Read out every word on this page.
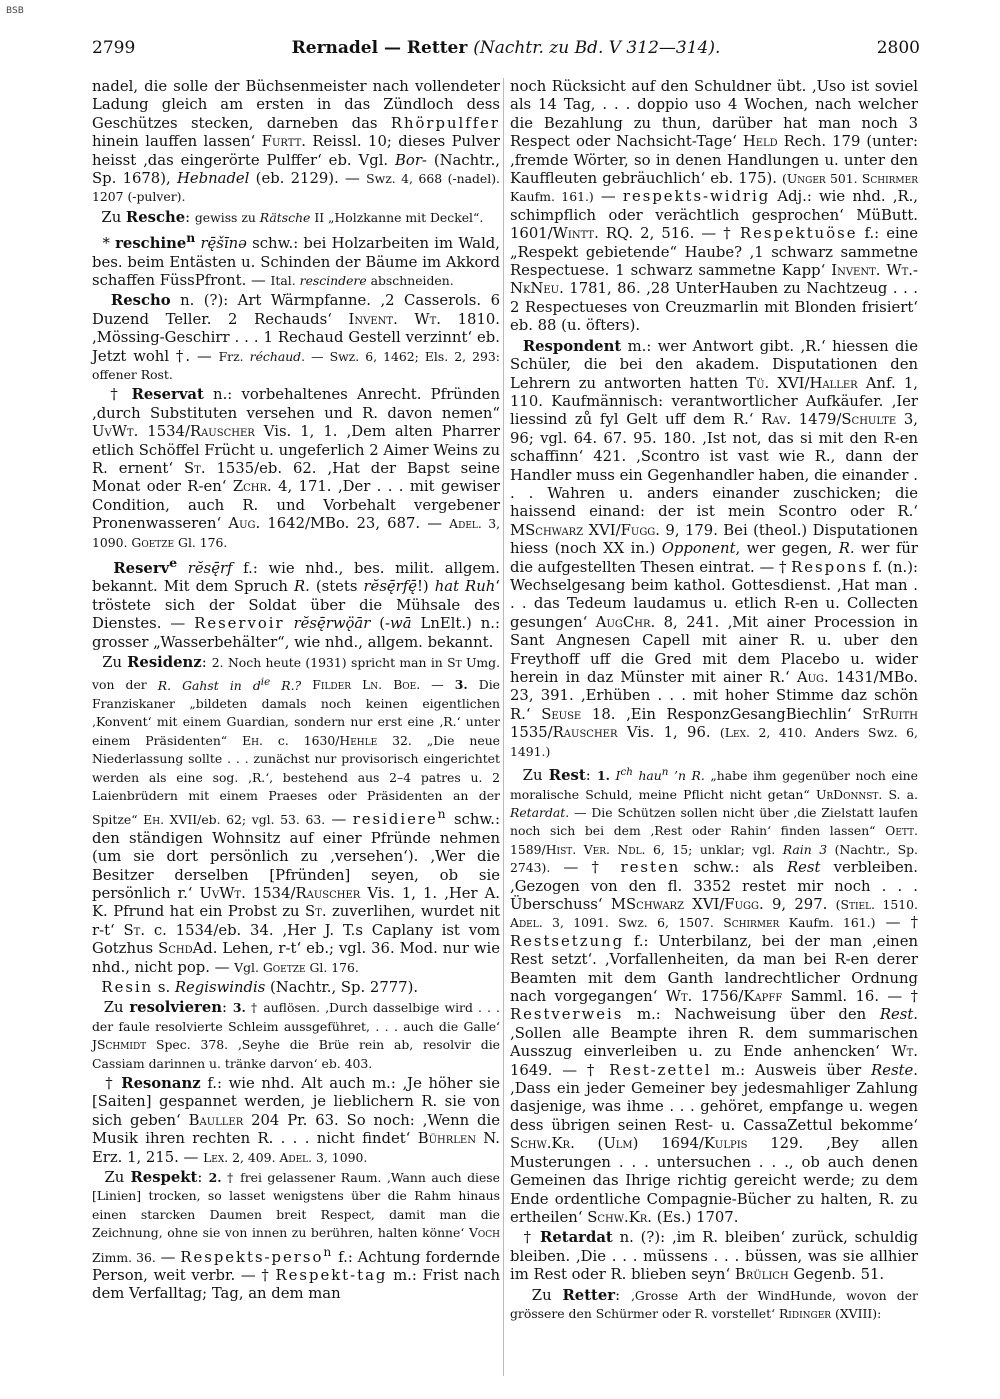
BSB
2799	Rernadel — Retter (Nachtr. zu Bd. V 312—314).	2800

nadel, die solle der Büchsenmeister nach vollendeter Ladung gleich am ersten in das Zündloch dess Geschützes stecken, darneben das Rhörpulffer hinein lauffen lassen‘ Furtt. Reissl. 10; dieses Pulver heisst ‚das eingerörte Pulffer‘ eb. Vgl. Bor- (Nachtr., Sp. 1678), Hebnadel (eb. 2129). — Swz. 4, 668 (-nadel). 1207 (-pulver).

Zu Resche: gewiss zu Rätsche II „Holzkanne mit Deckel“.

* reschine$^n$ rę̄šīnə schw.: bei Holzarbeiten im Wald, bes. beim Entästen u. Schinden der Bäume im Akkord schaffen FüssPfront. — Ital. rescindere abschneiden.

Rescho n. (?): Art Wärmpfanne. ‚2 Casserols. 6 Duzend Teller. 2 Rechauds‘ Invent. Wt. 1810. ‚Mössing-Geschirr . . . 1 Rechaud Gestell verzinnt‘ eb. Jetzt wohl †. — Frz. réchaud. — Swz. 6, 1462; Els. 2, 293: offener Rost.

† Reservat n.: vorbehaltenes Anrecht. Pfründen ‚durch Substituten versehen und R. davon nemen“ UvWt. 1534/Rauscher Vis. 1, 1. ‚Dem alten Pharrer etlich Schöffel Frücht u. ungeferlich 2 Aimer Weins zu R. ernent‘ St. 1535/eb. 62. ‚Hat der Bapst seine Monat oder R-en‘ Zchr. 4, 171. ‚Der . . . mit gewiser Condition, auch R. und Vorbehalt vergebener Pronenwasseren‘ Aug. 1642/MBo. 23, 687. — Adel. 3, 1090. Goetze Gl. 176.

Reserv$^e$ rĕsę̄rf f.: wie nhd., bes. milit. allgem. bekannt. Mit dem Spruch R. (stets rĕsę̄rfę̄!) hat Ruh‘ tröstete sich der Soldat über die Mühsale des Dienstes. — Reservoir rĕsę̄rwǫ̈ār (-wā LnElt.) n.: grosser „Wasserbehälter“, wie nhd., allgem. bekannt.

Zu Residenz: 2. Noch heute (1931) spricht man in St Umg. von der R. Gahst in $d^{ie}$ R.? Filder Ln. Boe. — 3. Die Franziskaner „bildeten damals noch keinen eigentlichen ‚Konvent‘ mit einem Guardian, sondern nur erst eine ‚R.‘ unter einem Präsidenten“ Eh. c. 1630/Hehle 32. „Die neue Niederlassung sollte . . . zunächst nur provisorisch eingerichtet werden als eine sog. ‚R.‘, bestehend aus 2–4 patres u. 2 Laienbrüdern mit einem Praeses oder Präsidenten an der Spitze“ Eh. XVII/eb. 62; vgl. 53. 63. — residiere$^n$ schw.: den ständigen Wohnsitz auf einer Pfründe nehmen (um sie dort persönlich zu ‚versehen‘). ‚Wer die Besitzer derselben [Pfründen] seyen, ob sie persönlich r.‘ UvWt. 1534/Rauscher Vis. 1, 1. ‚Her A. K. Pfrund hat ein Probst zu St. zuverlihen, wurdet nit r-t‘ St. c. 1534/eb. 34. ‚Her J. T.s Caplany ist vom Gotzhus SchdAd. Lehen, r-t‘ eb.; vgl. 36. Mod. nur wie nhd., nicht pop. — Vgl. Goetze Gl. 176.

Resin s. Regiswindis (Nachtr., Sp. 2777).

Zu resolvieren: 3. † auflösen. ‚Durch dasselbige wird . . . der faule resolvierte Schleim aussgeführet, . . . auch die Galle‘ JSchmidt Spec. 378. ‚Seyhe die Brüe rein ab, resolvir die Cassiam darinnen u. tränke darvon‘ eb. 403.

† Resonanz f.: wie nhd. Alt auch m.: ‚Je höher sie [Saiten] gespannet werden, je lieblichern R. sie von sich geben‘ Bauller 204 Pr. 63. So noch: ‚Wenn die Musik ihren rechten R. . . . nicht findet‘ Bührlen N. Erz. 1, 215. — Lex. 2, 409. Adel. 3, 1090.

Zu Respekt: 2. † frei gelassener Raum. ‚Wann auch diese [Linien] trocken, so lasset wenigstens über die Rahm hinaus einen starcken Daumen breit Respect, damit man die Zeichnung, ohne sie von innen zu berühren, halten könne‘ Voch Zimm. 36. — Respekts-perso$^n$ f.: Achtung fordernde Person, weit verbr. — † Respekt-tag m.: Frist nach dem Verfalltag; Tag, an dem man

noch Rücksicht auf den Schuldner übt. ‚Uso ist soviel als 14 Tag, . . . doppio uso 4 Wochen, nach welcher die Bezahlung zu thun, darüber hat man noch 3 Respect oder Nachsicht-Tage‘ Held Rech. 179 (unter: ‚fremde Wörter, so in denen Handlungen u. unter den Kauffleuten gebräuchlich‘ eb. 175). (Unger 501. Schirmer Kaufm. 161.) — respekts-widrig Adj.: wie nhd. ‚R., schimpflich oder verächtlich gesprochen‘ MüButt. 1601/Wintt. RQ. 2, 516. — † Respektuöse f.: eine „Respekt gebietende“ Haube? ‚1 schwarz sammetne Respectuese. 1 schwarz sammetne Kapp‘ Invent. Wt.-NkNeu. 1781, 86. ‚28 UnterHauben zu Nachtzeug . . . 2 Respectueses von Creuzmarlin mit Blonden frisiert‘ eb. 88 (u. öfters).

Respondent m.: wer Antwort gibt. ‚R.‘ hiessen die Schüler, die bei den akadem. Disputationen den Lehrern zu antworten hatten Tü. XVI/Haller Anf. 1, 110. Kaufmännisch: verantwortlicher Aufkäufer. ‚Ier liessind zů fyl Gelt uff dem R.‘ Rav. 1479/Schulte 3, 96; vgl. 64. 67. 95. 180. ‚Ist not, das si mit den R-en schaffinn‘ 421. ‚Scontro ist vast wie R., dann der Handler muss ein Gegenhandler haben, die einander . . . Wahren u. anders einander zuschicken; die haissend einand: der ist mein Scontro oder R.‘ MSchwarz XVI/Fugg. 9, 179. Bei (theol.) Disputationen hiess (noch XX in.) Opponent, wer gegen, R. wer für die aufgestellten Thesen eintrat. — † Respons f. (n.): Wechselgesang beim kathol. Gottesdienst. ‚Hat man . . . das Tedeum laudamus u. etlich R-en u. Collecten gesungen‘ AugChr. 8, 241. ‚Mit ainer Procession in Sant Angnesen Capell mit ainer R. u. uber den Freythoff uff die Gred mit dem Placebo u. wider herein in daz Münster mit ainer R.‘ Aug. 1431/MBo. 23, 391. ‚Erhüben . . . mit hoher Stimme daz schön R.‘ Seuse 18. ‚Ein ResponzGesangBiechlin‘ StRuith 1535/Rauscher Vis. 1, 96. (Lex. 2, 410. Anders Swz. 6, 1491.)

Zu Rest: 1. $I^{ch}$ hau$^n$ ’n R. „habe ihm gegenüber noch eine moralische Schuld, meine Pflicht nicht getan“ UrDonnst. S. a. Retardat. — Die Schützen sollen nicht über ‚die Zielstatt laufen noch sich bei dem ‚Rest oder Rahin‘ finden lassen“ Oett. 1589/Hist. Ver. Ndl. 6, 15; unklar; vgl. Rain 3 (Nachtr., Sp. 2743). — † resten schw.: als Rest verbleiben. ‚Gezogen von den fl. 3352 restet mir noch . . . Überschuss‘ MSchwarz XVI/Fugg. 9, 297. (Stiel. 1510. Adel. 3, 1091. Swz. 6, 1507. Schirmer Kaufm. 161.) — † Restsetzung f.: Unterbilanz, bei der man ‚einen Rest setzt‘. ‚Vorfallenheiten, da man bei R-en derer Beamten mit dem Ganth landrechtlicher Ordnung nach vorgegangen‘ Wt. 1756/Kapff Samml. 16. — † Restverweis m.: Nachweisung über den Rest. ‚Sollen alle Beampte ihren R. dem summarischen Ausszug einverleiben u. zu Ende anhencken‘ Wt. 1649. — † Rest-zettel m.: Ausweis über Reste. ‚Dass ein jeder Gemeiner bey jedesmahliger Zahlung dasjenige, was ihme . . . gehöret, empfange u. wegen dess übrigen seinen Rest- u. CassaZettul bekomme‘ Schw.Kr. (Ulm) 1694/Kulpis 129. ‚Bey allen Musterungen . . . untersuchen . . ., ob auch denen Gemeinen das Ihrige richtig gereicht werde; zu dem Ende ordentliche Compagnie-Bücher zu halten, R. zu ertheilen‘ Schw.Kr. (Es.) 1707.

† Retardat n. (?): ‚im R. bleiben‘ zurück, schuldig bleiben. ‚Die . . . müssens . . . büssen, was sie allhier im Rest oder R. blieben seyn‘ Brülich Gegenb. 51.

Zu Retter: ‚Grosse Arth der WindHunde, wovon der grössere den Schürmer oder R. vorstellet‘ Ridinger (XVIII):
